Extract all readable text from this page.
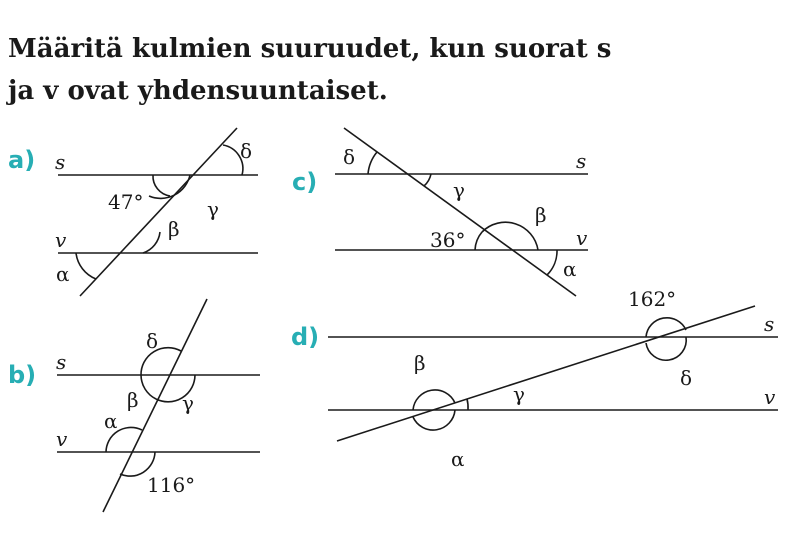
Määritä kulmien suuruudet, kun suorat s
ja v ovat yhdensuuntaiset.
a) s
v
47°	γ
δ
β
α
b) s
v
δ
β γ
α
116°
c)
s
v
δ
γ
β
36°
α
d)	s
v
162°
δ
β
γ
α
